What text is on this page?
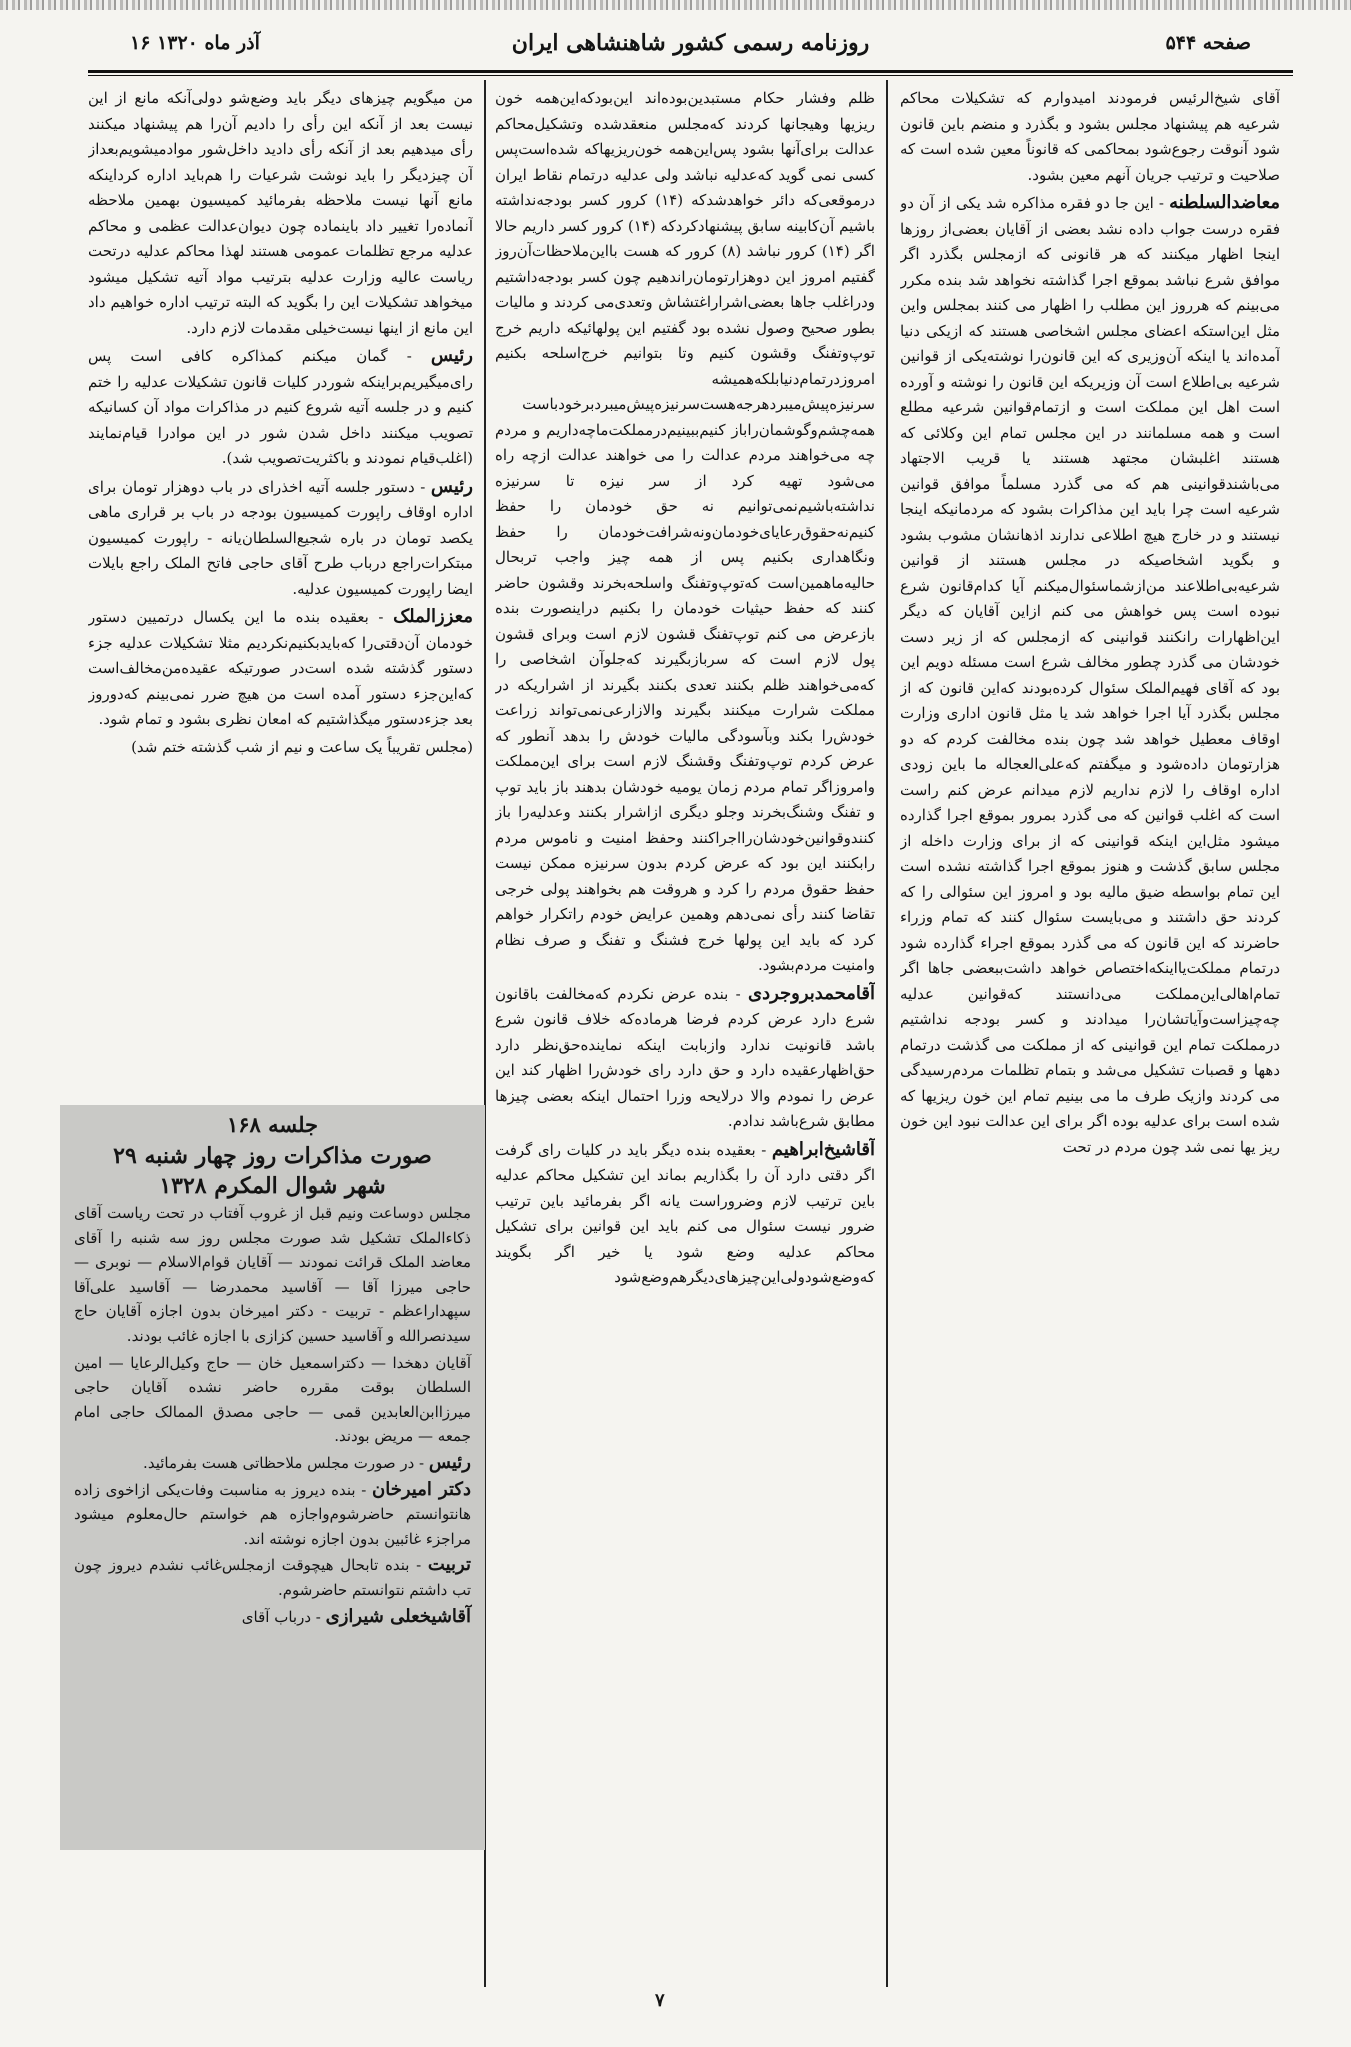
۱۶ آذر ماه ۱۳۲۰	روزنامه رسمی کشور شاهنشاهی ایران	صفحه ۵۴۴

آقای شیخ‌الرئیس فرمودند امیدوارم که تشکیلات محاکم شرعیه هم پیشنهاد مجلس بشود و بگذرد و منضم باین قانون شود آنوقت رجوع‌شود بمحاکمی که قانوناً معین شده است که صلاحیت و ترتیب جریان آنهم معین بشود.

معاضدالسلطنه - این جا دو فقره مذاکره شد یکی از آن دو فقره درست جواب داده نشد بعضی از آقایان بعضی‌از روزها اینجا اظهار میکنند که هر قانونی که ازمجلس بگذرد اگر موافق شرع نباشد بموقع اجرا گذاشته نخواهد شد بنده مکرر می‌بینم که هرروز این مطلب را اظهار می کنند بمجلس واین مثل این‌استکه اعضای مجلس اشخاصی هستند که ازیکی دنیا آمده‌اند یا اینکه آن‌وزیری که این قانون‌را نوشته‌یکی از قوانین شرعیه بی‌اطلاع است آن وزیر‌یکه این قانون را نوشته و آورده است اهل این مملکت است و ازتمام‌قوانین شرعیه مطلع است و همه مسلمانند در این مجلس تمام این وکلائی که هستند اغلبشان مجتهد هستند یا قریب الاجتهاد می‌باشندقوانینی هم که می گذرد مسلماً موافق قوانین شرعیه است چرا باید این مذاکرات بشود که مردمانیکه اینجا نیستند و در خارج هیچ اطلاعی ندارند اذهانشان مشوب بشود و بگوید اشخاصیکه در مجلس هستند از قوانین شرعیه‌بی‌اطلاعند من‌ازشماسئوال‌میکنم آیا کدام‌قانون شرع نبوده است پس خواهش می کنم ازاین آقایان که دیگر این‌اظهارات رانکنند قوانینی که ازمجلس که از زیر دست خودشان می گذرد چطور مخالف شرع است مسئله دویم این بود که آقای فهیم‌الملک سئوال کرده‌بودند که‌این قانون که از مجلس بگذرد آیا اجرا خواهد شد یا مثل قانون اداری وزارت اوقاف معطیل خواهد شد چون بنده مخالفت کردم که دو هزارتومان داده‌شود و میگفتم که‌علی‌العجاله ما باین زودی اداره اوقاف را لازم نداریم لازم میدانم عرض کنم راست است که اغلب قوانین که می گذرد بمرور بموقع اجرا گذارده میشود مثل‌این اینکه قوانینی که از برای وزارت داخله از مجلس سابق گذشت و هنوز بموقع اجرا گذاشته نشده است این تمام بواسطه ضیق مالیه بود و امروز این سئوالی را که کردند حق داشتند و می‌بایست سئوال کنند که تمام وزراء حاضرند که این قانون که می گذرد بموقع اجراء گذارده شود درتمام مملکت‌یااینکه‌اختصاص خواهد داشت‌ببعضی جاها اگر تمام‌اهالی‌این‌مملکت می‌دانستند که‌قوانین عدلیه چه‌چیزاست‌و‌آیاتشان‌را میدادند و کسر بودجه نداشتیم درمملکت تمام این قوانینی که از مملکت می گذشت درتمام دهها و قصبات تشکیل می‌شد و بتمام تظلمات مردم‌رسیدگی می کردند وازیک طرف ما می بینیم تمام این خون ریزیها که شده است برای عدلیه بوده اگر برای این عدالت نبود این خون ریز یها نمی شد چون مردم در تحت

ظلم وفشار حکام مستبدین‌بوده‌اند این‌بودکه‌این‌همه خون ریزیها وهیجانها کردند که‌مجلس منعقدشده وتشکیل‌محاکم عدالت برای‌آنها بشود پس‌این‌همه خون‌ریزیها‌که شده‌است‌پس کسی نمی گوید که‌عدلیه نباشد ولی عدلیه درتمام نقاط ایران درموقعی‌که دائر خواهدشدکه (۱۴) کرور کسر بودجه‌نداشته باشیم آن‌کابینه سابق پیشنهاد‌کرد‌که (۱۴) کرور کسر داریم حالا اگر (۱۴) کرور نباشد (۸) کرور که هست بااین‌ملاحظات‌آن‌روز گفتیم امروز این دوهزارتومان‌راندهیم چون کسر بودجه‌داشتیم ودراغلب جاها بعضی‌اشراراغتشاش وتعدی‌می کردند و مالیات بطور صحیح وصول نشده بود گفتیم این پولهائیکه داریم خرج توپ‌وتفنگ وقشون کنیم وتا بتوانیم خرج‌اسلحه بکنیم امروزدرتمام‌دنیابلکه‌همیشه سرنیزه‌پیش‌میبردهرجه‌هست‌سرنیزه‌پیش‌میبرد‌برخودباست همه‌چشم‌وگوشمان‌راباز کنیم‌ببینیم‌درمملکت‌ماچه‌داریم و مردم چه می‌خواهند مردم عدالت را می خواهند عدالت ازچه راه می‌شود تهیه کرد از سر نیزه تا سرنیزه نداشته‌باشیم‌نمی‌توانیم نه حق خودمان را حفظ کنیم‌نه‌حقوق‌رعایای‌خودمان‌ونه‌شرافت‌خودمان را حفظ ونگاهداری بکنیم پس از همه چیز واجب تر‌بحال حالیه‌ماهمین‌است که‌توپ‌وتفنگ واسلحه‌بخرند وقشون حاضر کنند که حفظ حیثیات خودمان را بکنیم دراینصورت بنده بازعرض می کنم توپ‌تفنگ قشون لازم است وبرای قشون پول لازم است که سرباز‌بگیرند که‌جلوآن اشخاصی را که‌می‌خواهند ظلم بکنند تعدی بکنند بگیرند از اشراریکه در مملکت شرارت میکنند بگیرند والازارعی‌نمی‌تواند زراعت خودش‌را بکند وبآسودگی مالیات خودش را بدهد آنطور که عرض کردم توپ‌وتفنگ وقشنگ لازم است برای این‌مملکت وامروزاگر تمام مردم زمان یومیه خودشان بدهند باز باید توپ و تفنگ وشنگ‌بخرند وجلو دیگری ازاشرار بکنند وعدلیه‌را باز کنندوقوانین‌خودشان‌را‌اجرا‌کنند وحفظ امنیت و ناموس مردم رابکنند این بود که عرض کردم بدون سرنیزه ممکن نیست حفظ حقوق مردم را کرد و هروقت هم بخواهند پولی خرجی تقاضا کنند رأی نمی‌دهم وهمین عرایض خودم را‌تکرار خواهم کرد که باید این پولها خرج فشنگ و تفنگ و صرف نظام وامنیت مردم‌بشود.

آقامحمدبروجردی - بنده عرض نکردم که‌مخالفت باقانون شرع دارد عرض کردم فرضا هرماده‌که خلاف قانون شرع باشد قانونیت ندارد وازبابت اینکه نماینده‌حق‌نظر دارد حق‌اظهارعقیده دارد و حق دارد رای خودش‌را اظهار کند این عرض را نمودم والا درلایحه وزرا احتمال اینکه بعضی چیزها مطابق شرع‌باشد ندادم.

آقاشیخ‌ابراهیم - بعقیده بنده دیگر باید در کلیات رای گرفت اگر دقتی دارد آن را بگذاریم بماند این تشکیل محاکم عدلیه باین ترتیب لازم وضروراست یانه اگر بفرمائید باین ترتیب ضرور نیست سئوال می کنم باید این قوانین برای تشکیل محاکم عدلیه وضع شود یا خیر اگر بگویند که‌وضع‌شود‌ولی‌این‌چیزهای‌دیگر‌هم‌وضع‌شود

من میگویم چیزهای دیگر باید وضع‌شو دولی‌آنکه مانع از این نیست بعد از آنکه این رأی را دادیم آن‌را هم پیشنهاد میکنند رأی میدهیم بعد از آنکه رأی دادید داخل‌شور موادمیشویم‌بعداز آن چیزدیگر را باید نوشت شرعیات را هم‌باید اداره کرد‌اینکه مانع آنها نیست ملاحظه بفرمائید کمیسیون بهمین ملاحظه آنماده‌را تغییر داد باینماده چون دیوان‌عدالت عظمی و محاکم عدلیه مرجع تظلمات عمومی هستند لهذا محاکم عدلیه درتحت ریاست عالیه وزارت عدلیه بترتیب مواد آتیه تشکیل میشود میخواهد تشکیلات این را بگوید که البته ترتیب اداره خواهیم داد این مانع از اینها نیست‌خیلی مقدمات لازم دارد.

رئیس - گمان میکنم کمذاکره کافی است پس رای‌میگیریم‌براینکه شوردر کلیات قانون تشکیلات عدلیه را ختم کنیم و در جلسه آتیه شروع کنیم در مذاکرات مواد آن کسانیکه تصویب میکنند داخل شدن شور در این موادرا قیام‌نمایند (اغلب‌قیام نمودند و باکثریت‌تصویب شد).

رئیس - دستور جلسه آتیه اخذرای در باب دوهزار تومان برای اداره اوقاف راپورت کمیسیون بودجه در باب بر قراری ماهی یکصد تومان در باره شجیع‌السلطان‌یانه‌ - راپورت کمیسیون مبتکرات‌راجع درباب طرح آقای حاجی فاتح الملک راجع بایلات ایضا راپورت کمیسیون عدلیه.

معززالملک - بعقیده بنده ما این یکسال درتمیین دستور خودمان آن‌دقتی‌را که‌بایدبکنیم‌نکردیم مثلا تشکیلات عدلیه جزء دستور گذشته شده است‌در صورتیکه عقیده‌من‌مخالف‌است که‌این‌جزء دستور آمده است من هیچ ضرر نمی‌بینم که‌دوروز بعد جزءدستور میگذاشتیم که امعان نظری بشود و تمام شود.

(مجلس تقریباً یک ساعت و نیم از شب گذشته ختم شد)

جلسه ۱۶۸
صورت مذاکرات روز چهار شنبه ۲۹
شهر شوال المکرم ۱۳۲۸

مجلس دوساعت ونیم قبل از غروب آفتاب در تحت ریاست آقای ذکاء‌الملک تشکیل شد صورت مجلس روز سه شنبه را آقای معاضد الملک قرائت نمودند — آقایان قوام‌الاسلام — نوبری — حاجی میرزا آقا — آقاسید محمدرضا — آقاسید علی‌آقا سپهدار‌اعظم - تربیت - دکتر امیرخان بدون اجازه آقایان حاج سیدنصرالله و آقاسید حسین کزازی با اجازه غائب بودند.

آقایان دهخدا — دکتراسمعیل خان — حاج وکیل‌الرعایا — امین السلطان بوقت مقرره حاضر نشده آقایان حاجی میرزاابن‌العابدین قمی — حاجی مصدق الممالک حاجی امام جمعه — مریض بودند.

رئیس - در صورت مجلس ملاحظاتی هست بفرمائید.

دکتر امیرخان - بنده دیروز به مناسبت وفات‌یکی ازاخوی زاده هانتوانستم حاضرشوم‌واجازه هم خواستم حال‌معلوم میشود مراجزء غائبین بدون اجازه نوشته اند.

تربیت - بنده تابحال هیچوقت ازمجلس‌غائب نشدم دیروز چون تب داشتم نتوانستم حاضرشوم.

آقاشیخعلی شیرازی - درباب آقای

۷
